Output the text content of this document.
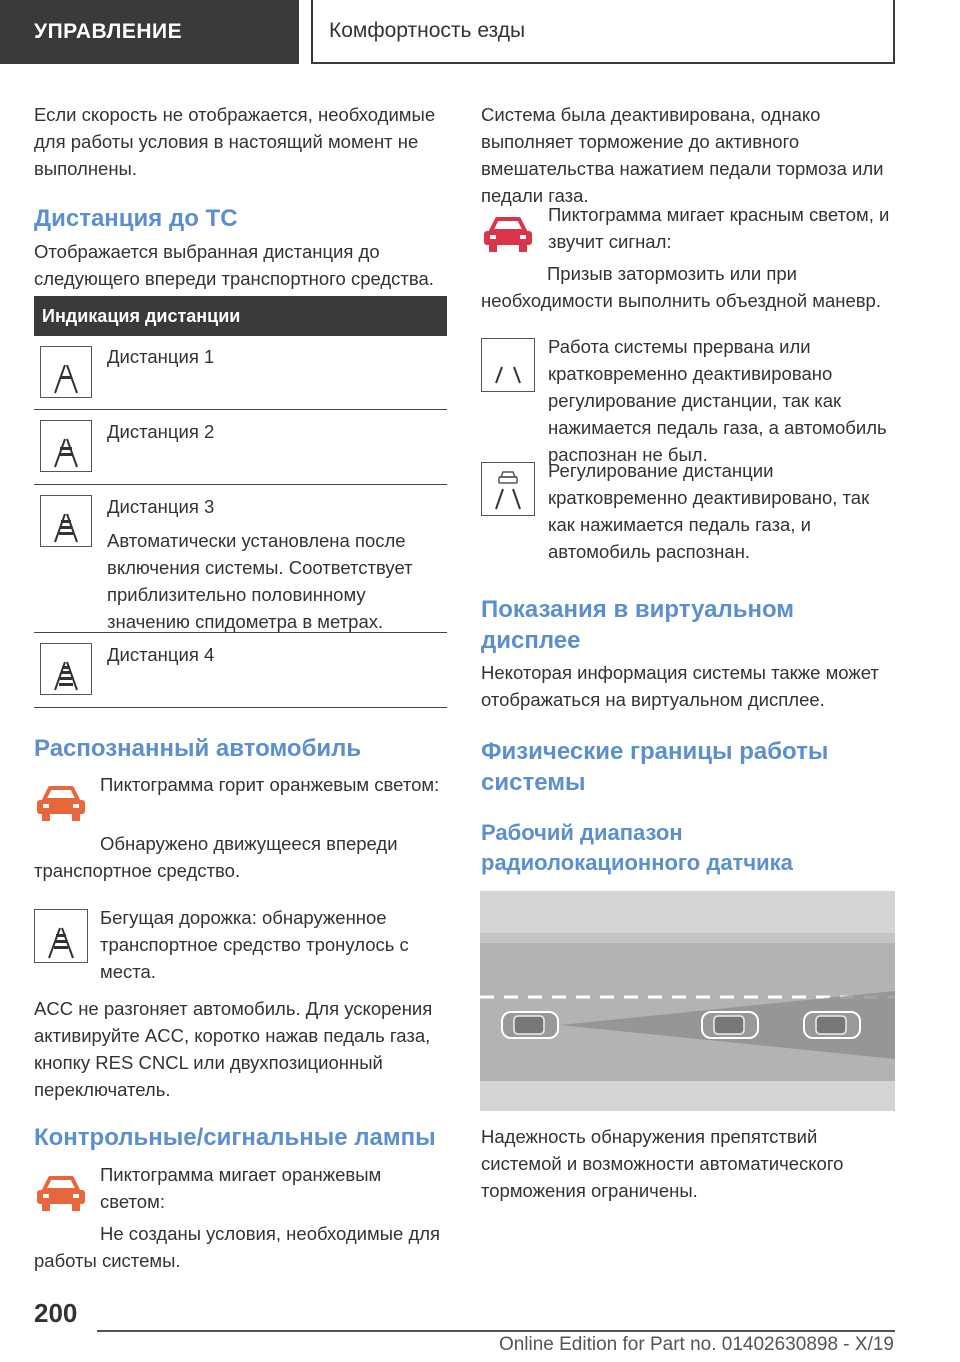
УПРАВЛЕНИЕ	Комфортность езды

Если скорость не отображается, необходимые для работы условия в настоящий момент не выполнены.

Дистанция до ТС

Отображается выбранная дистанция до следующего впереди транспортного средства.

Индикация дистанции
Дистанция 1
Дистанция 2
Дистанция 3

Автоматически установлена после включения системы. Соответствует приблизительно половинному значению спидометра в метрах.

Дистанция 4
Распознанный автомобиль

Пиктограмма горит оранжевым светом:

Обнаружено движущееся впереди транспортное средство.

Бегущая дорожка: обнаруженное транспортное средство тронулось с места.

ACC не разгоняет автомобиль. Для ускорения активируйте ACC, коротко нажав педаль газа, кнопку RES CNCL или двухпозиционный переключатель.

Контрольные/сигнальные лампы

Пиктограмма мигает оранжевым светом:

Не созданы условия, необходимые для работы системы.

Система была деактивирована, однако выполняет торможение до активного вмешательства нажатием педали тормоза или педали газа.

Пиктограмма мигает красным светом, и звучит сигнал:

Призыв затормозить или при необходимости выполнить объездной маневр.

Работа системы прервана или кратковременно деактивировано регулирование дистанции, так как нажимается педаль газа, а автомобиль распознан не был.

Регулирование дистанции кратковременно деактивировано, так как нажимается педаль газа, и автомобиль распознан.

Показания в виртуальном дисплее

Некоторая информация системы также может отображаться на виртуальном дисплее.

Физические границы работы системы
Рабочий диапазон радиолокационного датчика

Надежность обнаружения препятствий системой и возможности автоматического торможения ограничены.

200
Online Edition for Part no. 01402630898 - X/19
